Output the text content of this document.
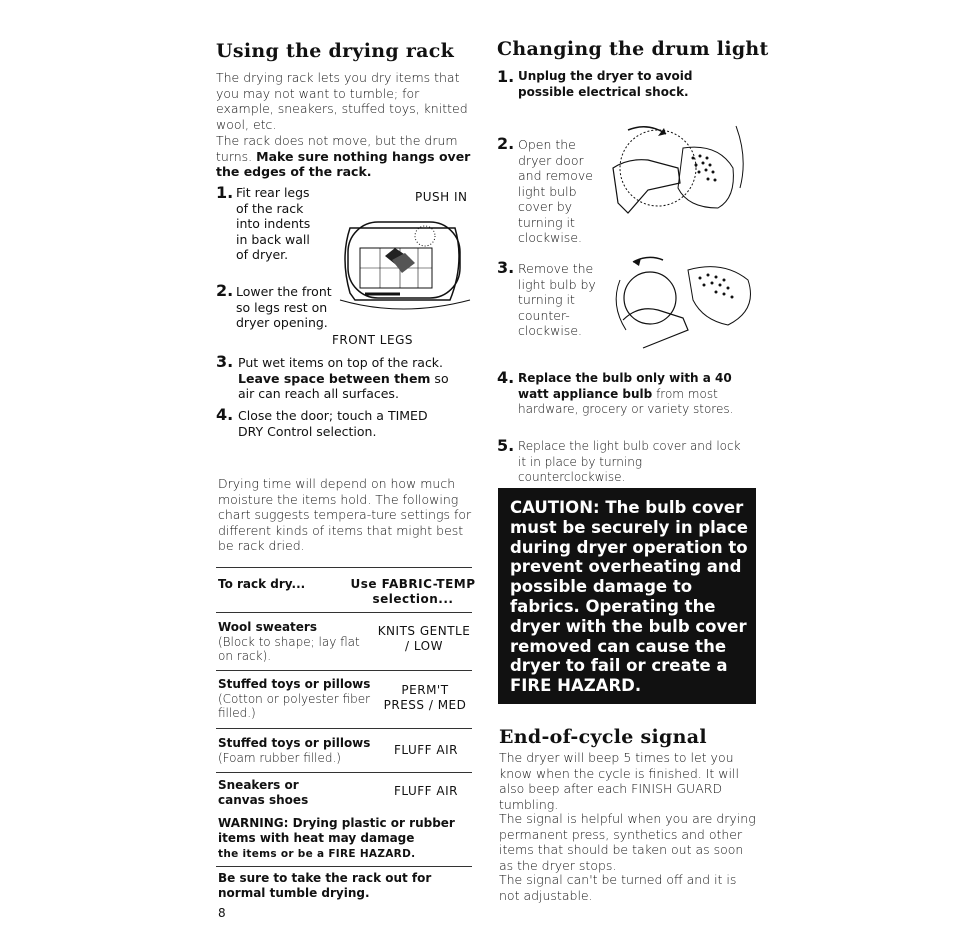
Using the drying rack
The drying rack lets you dry items that you may not want to tumble; for example, sneakers, stuffed toys, knitted wool, etc.
The rack does not move, but the drum turns. Make sure nothing hangs over the edges of the rack.
1. Fit rear legs of the rack into indents in back wall of dryer.
PUSH IN
2. Lower the front so legs rest on dryer opening.
FRONT LEGS
3. Put wet items on top of the rack. Leave space between them so air can reach all surfaces.
4. Close the door; touch a TIMED DRY Control selection.
Drying time will depend on how much moisture the items hold. The following chart suggests tempera-ture settings for different kinds of items that might best be rack dried.
To rack dry...	Use FABRIC-TEMP selection...
Wool sweaters
(Block to shape; lay flat on rack).
KNITS GENTLE / LOW
Stuffed toys or pillows
(Cotton or polyester fiber filled.)
PERM'T PRESS / MED
Stuffed toys or pillows
(Foam rubber filled.)
FLUFF AIR
Sneakers or canvas shoes
FLUFF AIR
WARNING: Drying plastic or rubber items with heat may damage
the items or be a FIRE HAZARD.
Be sure to take the rack out for normal tumble drying.
8
Changing the drum light
1. Unplug the dryer to avoid possible electrical shock.
2. Open the dryer door and remove light bulb cover by turning it clockwise.
3. Remove the light bulb by turning it counter-clockwise.
4. Replace the bulb only with a 40 watt appliance bulb from most hardware, grocery or variety stores.
5. Replace the light bulb cover and lock it in place by turning counterclockwise.
CAUTION: The bulb cover must be securely in place during dryer operation to prevent overheating and possible damage to fabrics. Operating the dryer with the bulb cover removed can cause the dryer to fail or create a FIRE HAZARD.
End-of-cycle signal
The dryer will beep 5 times to let you know when the cycle is finished. It will also beep after each FINISH GUARD tumbling.
The signal is helpful when you are drying permanent press, synthetics and other items that should be taken out as soon as the dryer stops.
The signal can't be turned off and it is not adjustable.
